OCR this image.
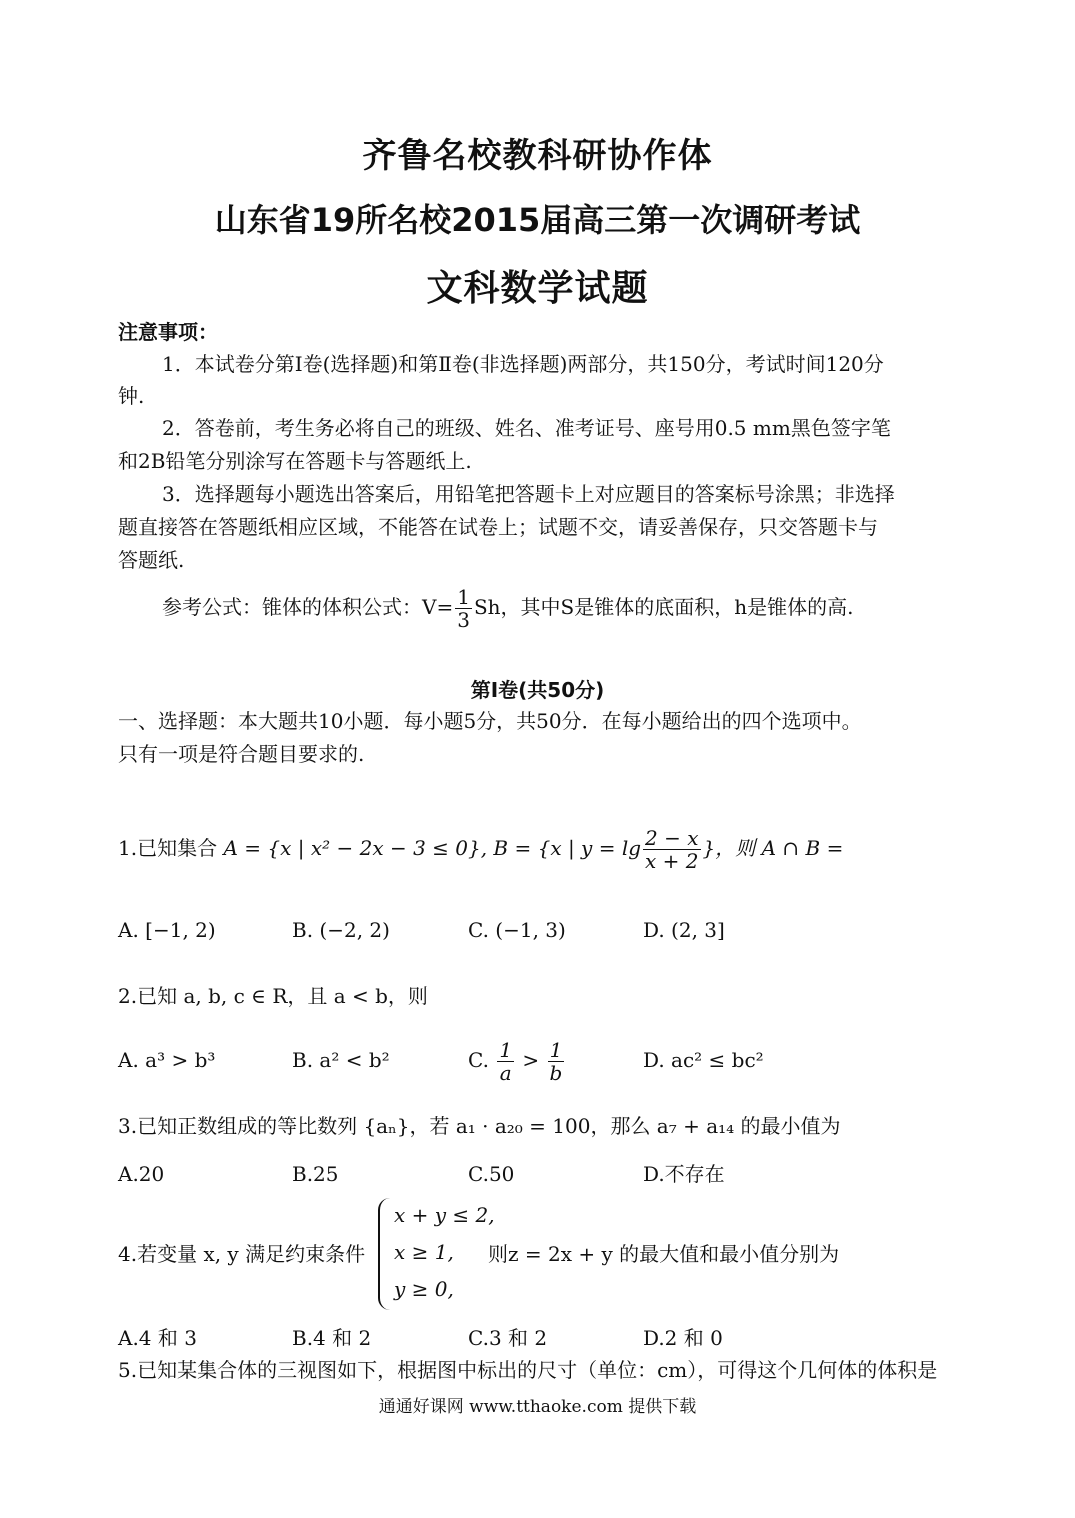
齐鲁名校教科研协作体
山东省19所名校2015届高三第一次调研考试
文科数学试题
注意事项：
1．本试卷分第Ⅰ卷(选择题)和第Ⅱ卷(非选择题)两部分，共150分，考试时间120分
钟.
2．答卷前，考生务必将自己的班级、姓名、准考证号、座号用0.5 mm黑色签字笔
和2B铅笔分别涂写在答题卡与答题纸上.
3．选择题每小题选出答案后，用铅笔把答题卡上对应题目的答案标号涂黑；非选择
题直接答在答题纸相应区域，不能答在试卷上；试题不交，请妥善保存，只交答题卡与
答题纸.
参考公式：锥体的体积公式：$V= \frac{1}{3}$ Sh，其中S是锥体的底面积，h是锥体的高.
第Ⅰ卷(共50分)
一、选择题：本大题共10小题．每小题5分，共50分．在每小题给出的四个选项中。
只有一项是符合题目要求的.
1.已知集合 A = {x | x² − 2x − 3 ≤ 0}, B = {x | $y = \lg \frac{2 - x}{x + 2}$ }，则 A ∩ B =
A. [−1, 2)	B. (−2, 2)	C. (−1, 3)	D. (2, 3]
2.已知 a, b, c ∈ R，且 a < b，则
A. a³ > b³	B. a² < b²	C. $\frac{1}{a} > \frac{1}{b}$	D. ac² ≤ bc²
3.已知正数组成的等比数列 {aₙ}，若 a₁ · a₂₀ = 100，那么 a₇ + a₁₄ 的最小值为
A.20	B.25	C.50	D.不存在
4.若变量 x, y 满足约束条件
x + y ≤ 2,
x ≥ 1,
y ≥ 0,
则z = 2x + y 的最大值和最小值分别为
A.4 和 3	B.4 和 2	C.3 和 2	D.2 和 0
5.已知某集合体的三视图如下，根据图中标出的尺寸（单位：cm），可得这个几何体的体积是
通通好课网 www.tthaoke.com 提供下载
